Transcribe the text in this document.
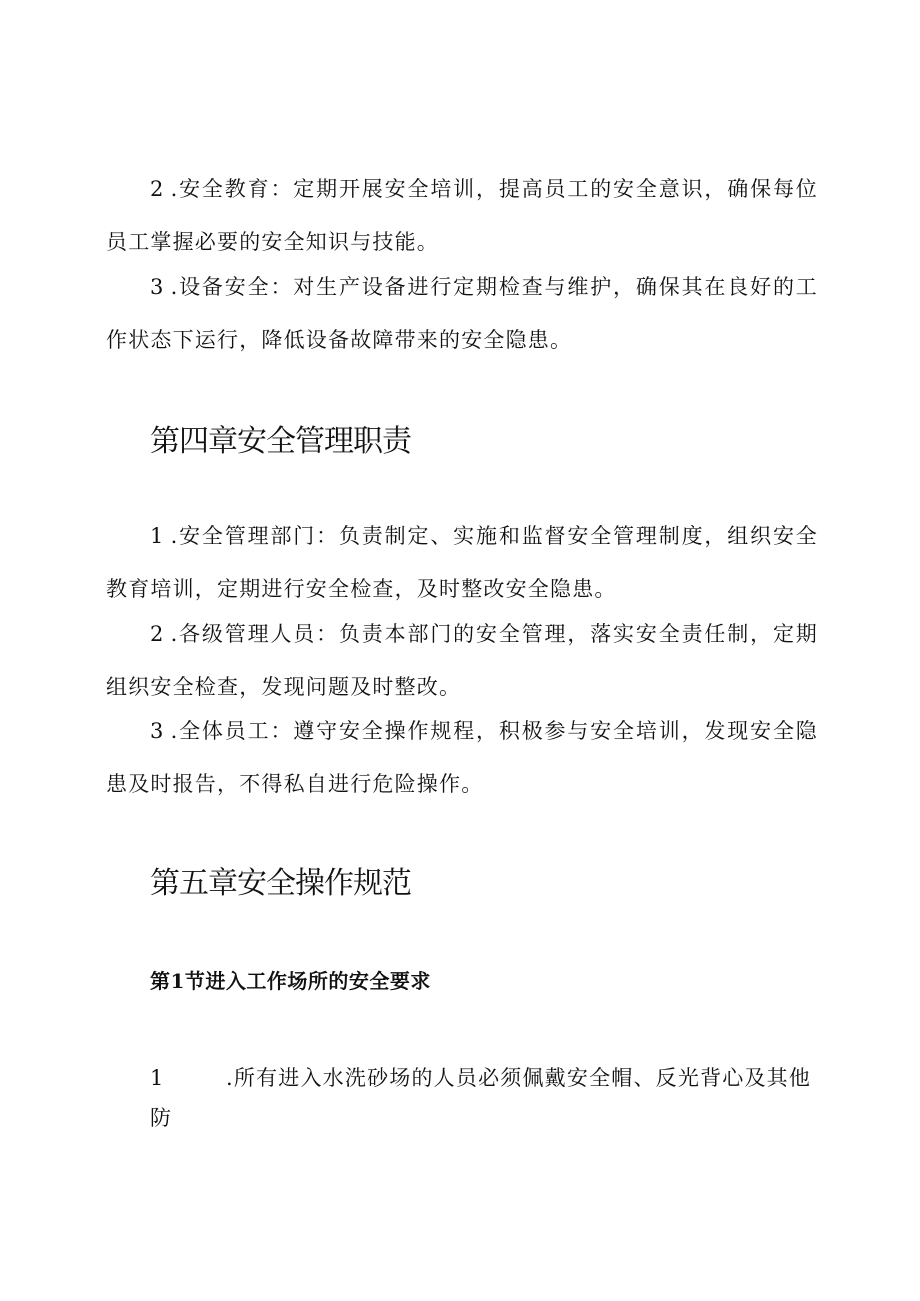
2 .安全教育：定期开展安全培训，提高员工的安全意识，确保每位员工掌握必要的安全知识与技能。

3 .设备安全：对生产设备进行定期检查与维护，确保其在良好的工作状态下运行，降低设备故障带来的安全隐患。

第四章安全管理职责

1 .安全管理部门：负责制定、实施和监督安全管理制度，组织安全教育培训，定期进行安全检查，及时整改安全隐患。

2 .各级管理人员：负责本部门的安全管理，落实安全责任制，定期组织安全检查，发现问题及时整改。

3 .全体员工：遵守安全操作规程，积极参与安全培训，发现安全隐患及时报告，不得私自进行危险操作。

第五章安全操作规范
第1节进入工作场所的安全要求

1	.所有进入水洗砂场的人员必须佩戴安全帽、反光背心及其他防
